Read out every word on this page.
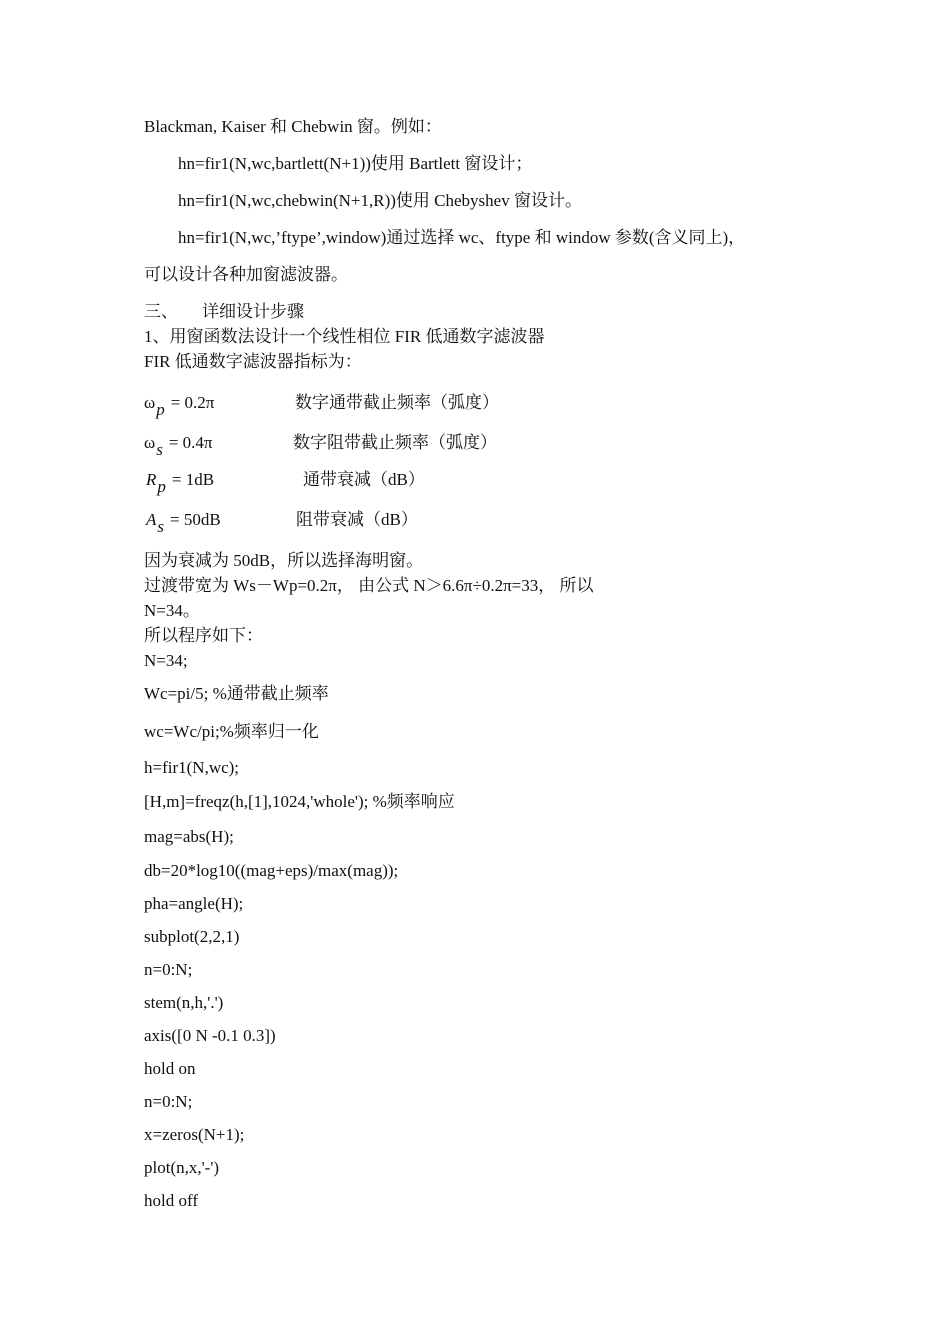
Blackman, Kaiser 和 Chebwin 窗。例如：
hn=fir1(N,wc,bartlett(N+1))使用 Bartlett 窗设计；
hn=fir1(N,wc,chebwin(N+1,R))使用 Chebyshev 窗设计。
hn=fir1(N,wc,’ftype’,window)通过选择 wc、ftype 和 window 参数(含义同上)，
可以设计各种加窗滤波器。
三、 详细设计步骤
1、用窗函数法设计一个线性相位 FIR 低通数字滤波器
FIR 低通数字滤波器指标为：
ωp = 0.2π	数字通带截止频率（弧度）
ωs = 0.4π	数字阻带截止频率（弧度）
Rp = 1dB	通带衰减（dB）
As = 50dB	阻带衰减（dB）
因为衰减为 50dB，所以选择海明窗。
过渡带宽为 Ws－Wp=0.2π， 由公式 N＞6.6π÷0.2π=33， 所以
N=34。
所以程序如下：
N=34;
Wc=pi/5; %通带截止频率
wc=Wc/pi;%频率归一化
h=fir1(N,wc);
[H,m]=freqz(h,[1],1024,'whole'); %频率响应
mag=abs(H);
db=20*log10((mag+eps)/max(mag));
pha=angle(H);
subplot(2,2,1)
n=0:N;
stem(n,h,'.')
axis([0 N -0.1 0.3])
hold on
n=0:N;
x=zeros(N+1);
plot(n,x,'-')
hold off
